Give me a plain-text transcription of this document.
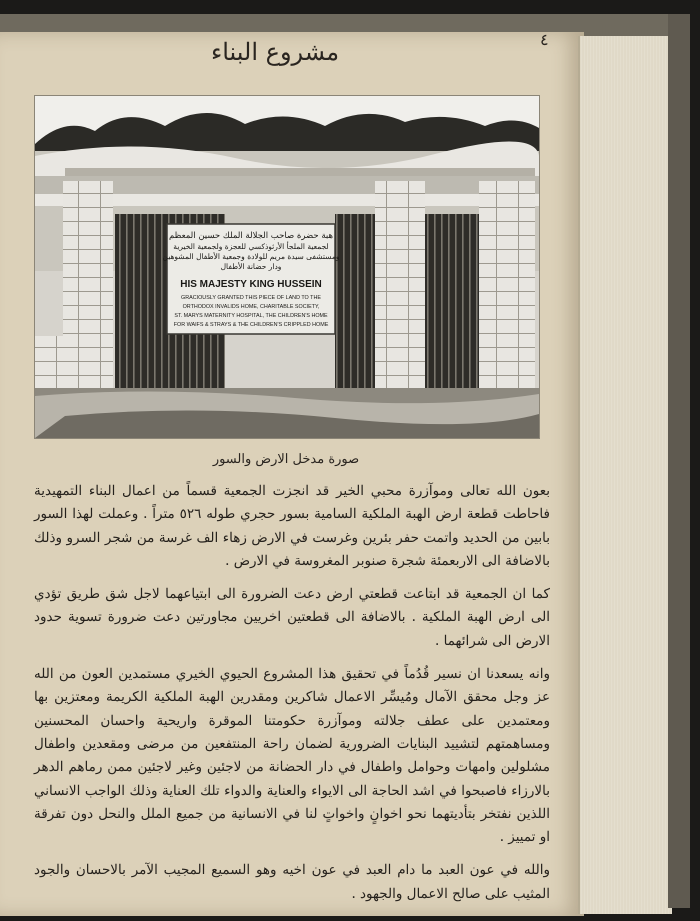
٤
مشروع البناء
هبة حضرة صاحب الجلالة الملك حسين المعظم
لجمعية الملجأ الأرثوذكسي للعجزة ولجمعية الخيرية
ومستشفى سيدة مريم للولادة وجمعية الأطفال المشوهين
ودار حضانة الأطفال
HIS MAJESTY KING HUSSEIN
GRACIOUSLY GRANTED THIS PIECE OF LAND TO THE
ORTHODOX INVALIDS HOME, CHARITABLE SOCIETY,
ST. MARYS MATERNITY HOSPITAL, THE CHILDREN'S HOME
FOR WAIFS & STRAYS & THE CHILDREN'S CRIPPLED HOME
صورة مدخل الارض والسور

بعون الله تعالى وموآزرة محبي الخير قد انجزت الجمعية قسماً من اعمال البناء التمهيدية فاحاطت قطعة ارض الهبة الملكية السامية بسور حجري طوله ٥٢٦ متراً . وعملت لهذا السور بابين من الحديد واتمت حفر بئرين وغرست في الارض زهاء الف غرسة من شجر السرو وذلك بالاضافة الى الاربعمئة شجرة صنوبر المغروسة في الارض .

كما ان الجمعية قد ابتاعت قطعتي ارض دعت الضرورة الى ابتياعهما لاجل شق طريق تؤدي الى ارض الهبة الملكية . بالاضافة الى قطعتين اخريين مجاورتين دعت ضرورة تسوية حدود الارض الى شرائهما .

وانه يسعدنا ان نسير قُدُماً في تحقيق هذا المشروع الحيوي الخيري مستمدين العون من الله عز وجل محقق الآمال ومُيسِّر الاعمال شاكرين ومقدرين الهبة الملكية الكريمة ومعتزين بها ومعتمدين على عطف جلالته وموآزرة حكومتنا الموقرة واريحية واحسان المحسنين ومساهمتهم لتشييد البنايات الضرورية لضمان راحة المنتفعين من مرضى ومقعدين واطفال مشلولين وامهات وحوامل واطفال في دار الحضانة من لاجئين وغير لاجئين ممن رماهم الدهر بالارزاء فاصبحوا في اشد الحاجة الى الايواء والعناية والدواء تلك العناية وذلك الواجب الانساني اللذين نفتخر بتأديتهما نحو اخوانٍ واخواتٍ لنا في الانسانية من جميع الملل والنحل دون تفرقة او تمييز .

والله في عون العبد ما دام العبد في عون اخيه وهو السميع المجيب الآمر بالاحسان والجود المثيب على صالح الاعمال والجهود .
